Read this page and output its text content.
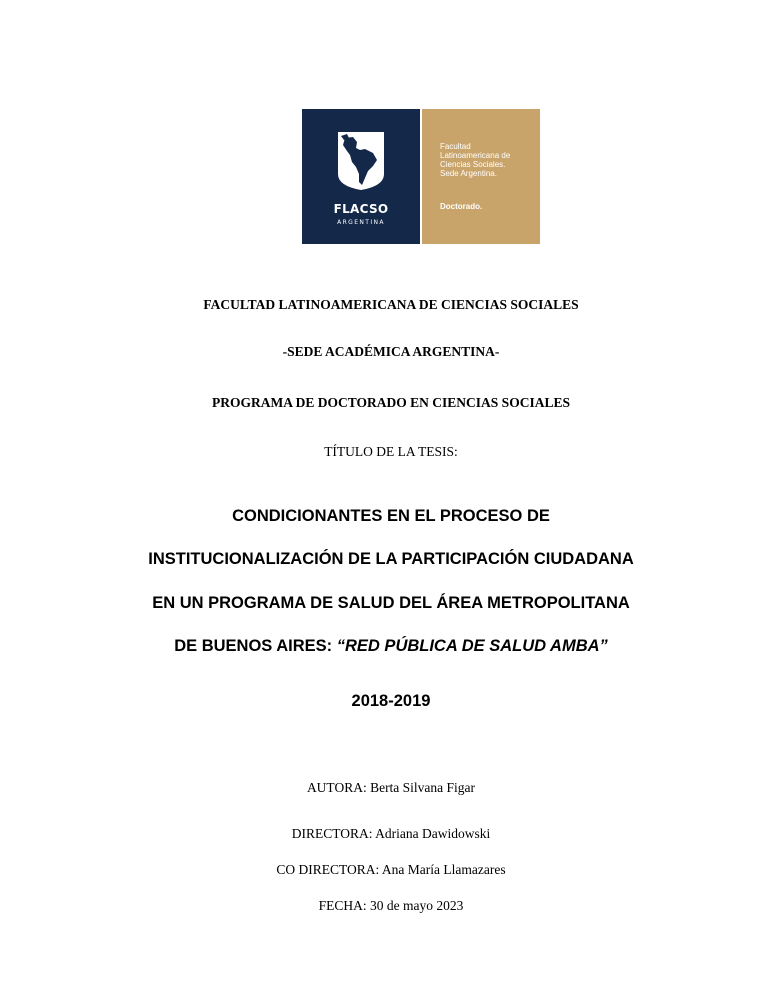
FLACSO
ARGENTINA
Facultad
Latinoamericana de
Ciencias Sociales.
Sede Argentina.
Doctorado.
FACULTAD LATINOAMERICANA DE CIENCIAS SOCIALES
-SEDE ACADÉMICA ARGENTINA-
PROGRAMA DE DOCTORADO EN CIENCIAS SOCIALES
TÍTULO DE LA TESIS:
CONDICIONANTES EN EL PROCESO DE
INSTITUCIONALIZACIÓN DE LA PARTICIPACIÓN CIUDADANA
EN UN PROGRAMA DE SALUD DEL ÁREA METROPOLITANA
DE BUENOS AIRES: “RED PÚBLICA DE SALUD AMBA”
2018-2019
AUTORA: Berta Silvana Figar
DIRECTORA: Adriana Dawidowski
CO DIRECTORA: Ana María Llamazares
FECHA: 30 de mayo 2023
